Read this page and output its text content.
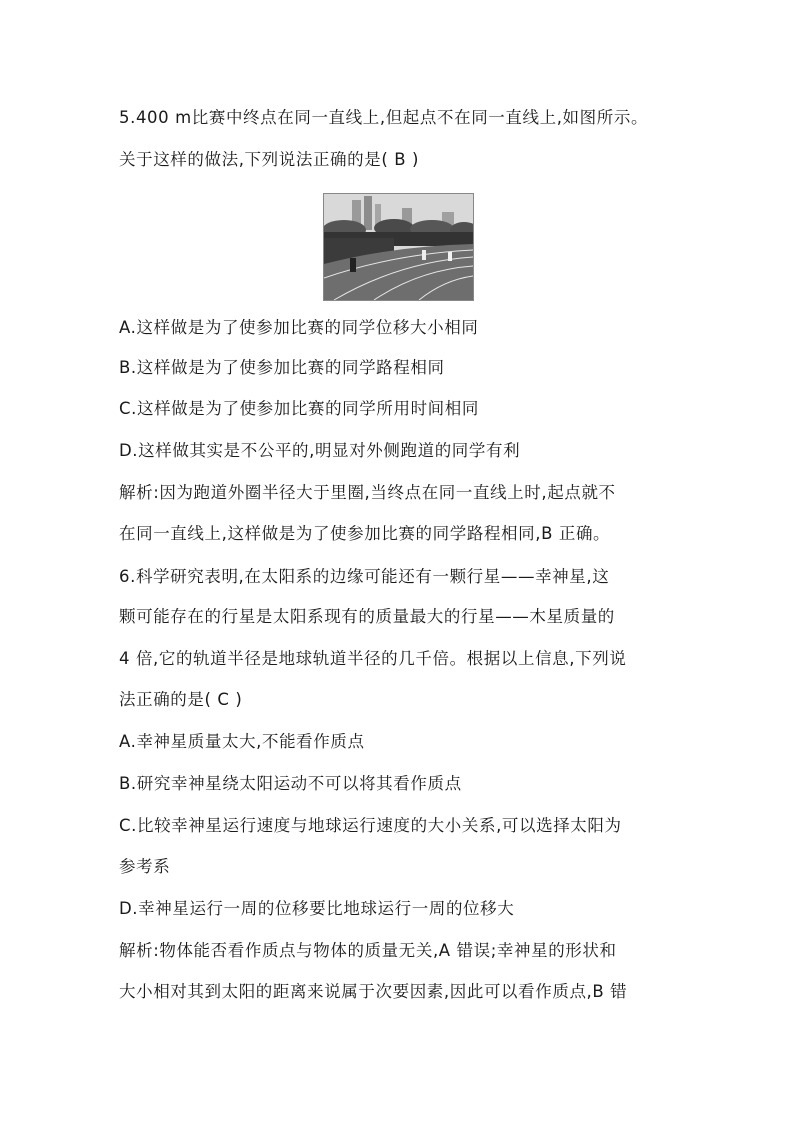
5.400 m比赛中终点在同一直线上,但起点不在同一直线上,如图所示。
关于这样的做法,下列说法正确的是( B )
A.这样做是为了使参加比赛的同学位移大小相同
B.这样做是为了使参加比赛的同学路程相同
C.这样做是为了使参加比赛的同学所用时间相同
D.这样做其实是不公平的,明显对外侧跑道的同学有利
解析:因为跑道外圈半径大于里圈,当终点在同一直线上时,起点就不
在同一直线上,这样做是为了使参加比赛的同学路程相同,B 正确。
6.科学研究表明,在太阳系的边缘可能还有一颗行星——幸神星,这
颗可能存在的行星是太阳系现有的质量最大的行星——木星质量的
4 倍,它的轨道半径是地球轨道半径的几千倍。根据以上信息,下列说
法正确的是( C )
A.幸神星质量太大,不能看作质点
B.研究幸神星绕太阳运动不可以将其看作质点
C.比较幸神星运行速度与地球运行速度的大小关系,可以选择太阳为
参考系
D.幸神星运行一周的位移要比地球运行一周的位移大
解析:物体能否看作质点与物体的质量无关,A 错误;幸神星的形状和
大小相对其到太阳的距离来说属于次要因素,因此可以看作质点,B 错
